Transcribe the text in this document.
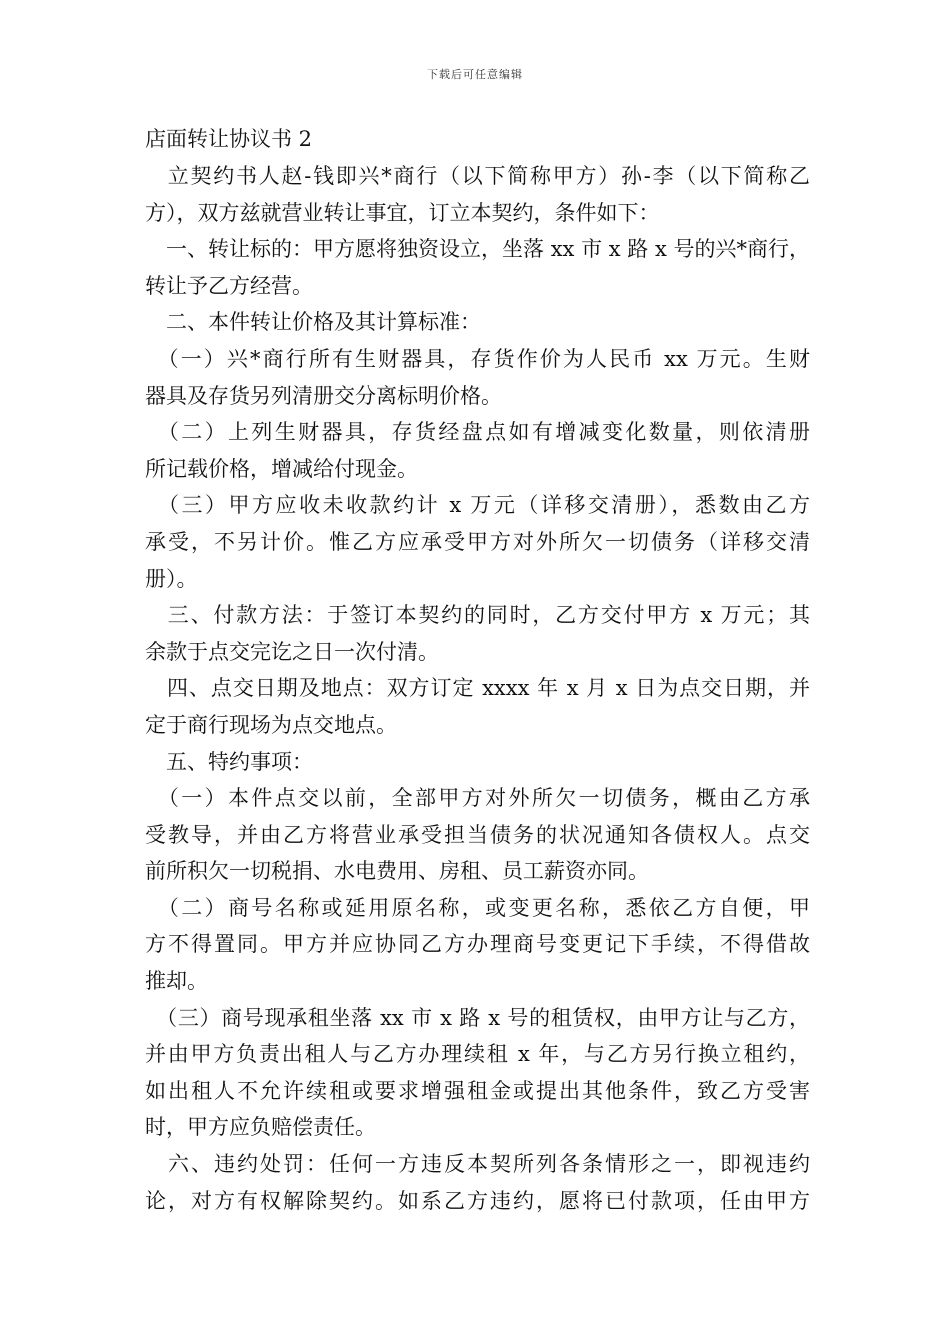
下载后可任意编辑
店面转让协议书 2
　立契约书人赵-钱即兴*商行（以下简称甲方）孙-李（以下简称乙
方），双方兹就营业转让事宜，订立本契约，条件如下：
　一、转让标的：甲方愿将独资设立，坐落 xx 市 x 路 x 号的兴*商行，
转让予乙方经营。
　二、本件转让价格及其计算标准：
　（一）兴*商行所有生财器具，存货作价为人民币 xx 万元。生财
器具及存货另列清册交分离标明价格。
　（二）上列生财器具，存货经盘点如有增减变化数量，则依清册
所记载价格，增减给付现金。
　（三）甲方应收未收款约计 x 万元（详移交清册），悉数由乙方
承受，不另计价。惟乙方应承受甲方对外所欠一切债务（详移交清
册）。
　三、付款方法：于签订本契约的同时，乙方交付甲方 x 万元；其
余款于点交完讫之日一次付清。
　四、点交日期及地点：双方订定 xxxx 年 x 月 x 日为点交日期，并
定于商行现场为点交地点。
　五、特约事项：
　（一）本件点交以前，全部甲方对外所欠一切债务，概由乙方承
受教导，并由乙方将营业承受担当债务的状况通知各债权人。点交
前所积欠一切税捐、水电费用、房租、员工薪资亦同。
　（二）商号名称或延用原名称，或变更名称，悉依乙方自便，甲
方不得置同。甲方并应协同乙方办理商号变更记下手续，不得借故
推却。
　（三）商号现承租坐落 xx 市 x 路 x 号的租赁权，由甲方让与乙方，
并由甲方负责出租人与乙方办理续租 x 年，与乙方另行换立租约，
如出租人不允许续租或要求增强租金或提出其他条件，致乙方受害
时，甲方应负赔偿责任。
　六、违约处罚：任何一方违反本契所列各条情形之一，即视违约
论，对方有权解除契约。如系乙方违约，愿将已付款项，任由甲方
